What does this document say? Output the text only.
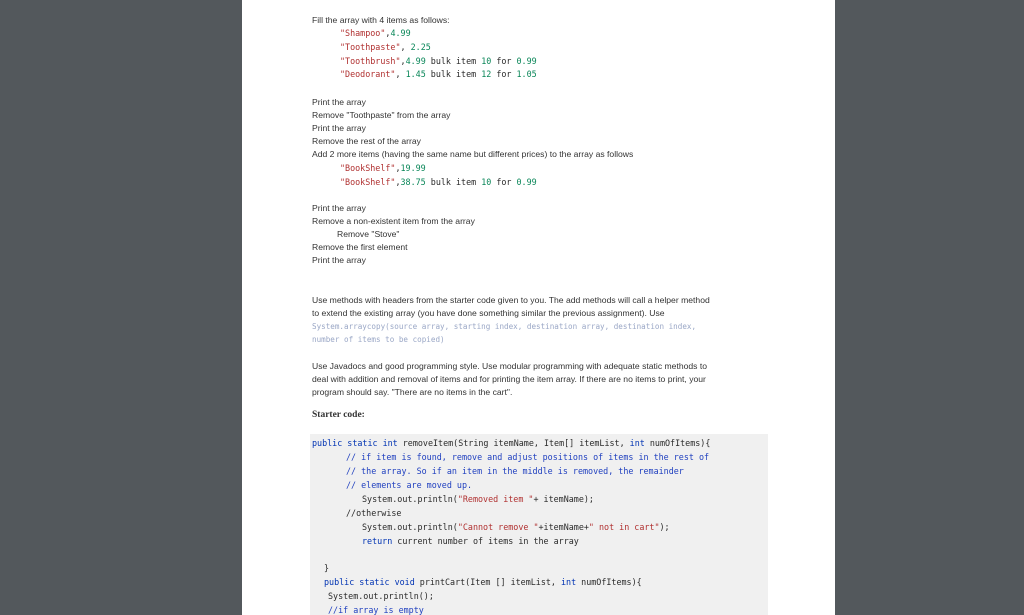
Fill the array with 4 items as follows:
"Shampoo",4.99
"Toothpaste", 2.25
"Toothbrush",4.99 bulk item 10 for 0.99
"Deodorant", 1.45 bulk item 12 for 1.05
Print the array
Remove "Toothpaste" from the array
Print the array
Remove the rest of the array
Add 2 more items (having the same name but different prices) to the array as follows
"BookShelf",19.99
"BookShelf",38.75 bulk item 10 for 0.99
Print the array
Remove a non-existent item from the array
Remove "Stove"
Remove the first element
Print the array
Use methods with headers from the starter code given to you. The add methods will call a helper method
to extend the existing array (you have done something similar the previous assignment). Use
System.arraycopy(source array, starting index, destination array, destination index,
number of items to be copied)
Use Javadocs and good programming style. Use modular programming with adequate static methods to
deal with addition and removal of items and for printing the item array. If there are no items to print, your
program should say. "There are no items in the cart".
Starter code:
public static int removeItem(String itemName, Item[] itemList, int numOfItems){
// if item is found, remove and adjust positions of items in the rest of
// the array. So if an item in the middle is removed, the remainder
// elements are moved up.
System.out.println("Removed item "+ itemName);
//otherwise
System.out.println("Cannot remove "+itemName+" not in cart");
return current number of items in the array
}
public static void printCart(Item [] itemList, int numOfItems){
System.out.println();
//if array is empty
